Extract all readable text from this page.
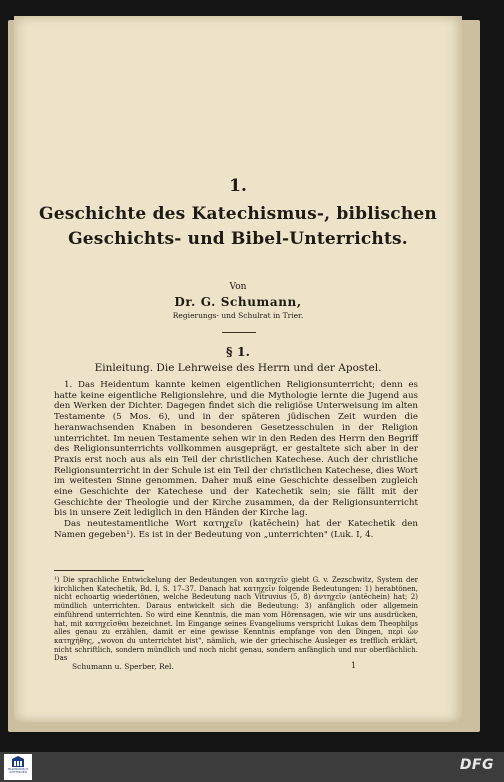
1.
Geschichte des Katechismus-, biblischen
Geschichts- und Bibel-Unterrichts.
Von
Dr. G. Schumann,
Regierungs- und Schulrat in Trier.
§ 1.
Einleitung. Die Lehrweise des Herrn und der Apostel.

1. Das Heidentum kannte keinen eigentlichen Religionsunterricht; denn es hatte keine eigentliche Religionslehre, und die Mythologie lernte die Jugend aus den Werken der Dichter. Dagegen findet sich die religiöse Unterweisung im alten Testamente (5 Mos. 6), und in der späteren jüdischen Zeit wurden die heranwachsenden Knaben in besonderen Gesetzesschulen in der Religion unterrichtet. Im neuen Testamente sehen wir in den Reden des Herrn den Begriff des Religionsunterrichts vollkommen ausgeprägt, er gestaltete sich aber in der Praxis erst noch aus als ein Teil der christlichen Katechese. Auch der christliche Religionsunterricht in der Schule ist ein Teil der christlichen Katechese, dies Wort im weitesten Sinne genommen. Daher muß eine Geschichte desselben zugleich eine Geschichte der Katechese und der Katechetik sein; sie fällt mit der Geschichte der Theologie und der Kirche zusammen, da der Religionsunterricht bis in unsere Zeit lediglich in den Händen der Kirche lag.

Das neutestamentliche Wort κατηχεῖν (katēchein) hat der Katechetik den Namen gegeben¹). Es ist in der Bedeutung von „unterrichten" (Luk. I, 4.

¹) Die sprachliche Entwickelung der Bedeutungen von κατηχεῖν giebt G. v. Zezschwitz, System der kirchlichen Katechetik, Bd. I, S. 17–37. Danach hat κατηχεῖν folgende Bedeutungen: 1) herabtönen, nicht echoartig wiedertönen, welche Bedeutung nach Vitruvius (5, 8) ἀντηχεῖν (antēchein) hat; 2) mündlich unterrichten. Daraus entwickelt sich die Bedeutung: 3) anfänglich oder allgemein einführend unterrichten. So wird eine Kenntnis, die man vom Hörensagen, wie wir uns ausdrücken, hat, mit κατηχεῖσθαι bezeichnet. Im Eingange seines Evangeliums verspricht Lukas dem Theophilus alles genau zu erzählen, damit er eine gewisse Kenntnis empfange von den Dingen, περὶ ὧν κατηχήθης, „wovon du unterrichtet bist", nämlich, wie der griechische Ausleger es trefflich erklärt, nicht schriftlich, sondern mündlich und noch nicht genau, sondern anfänglich und nur oberflächlich. Das
Schumann u. Sperber, Rel.	1
TRANSKRIBUS
GÖTTINGEN	DFG
